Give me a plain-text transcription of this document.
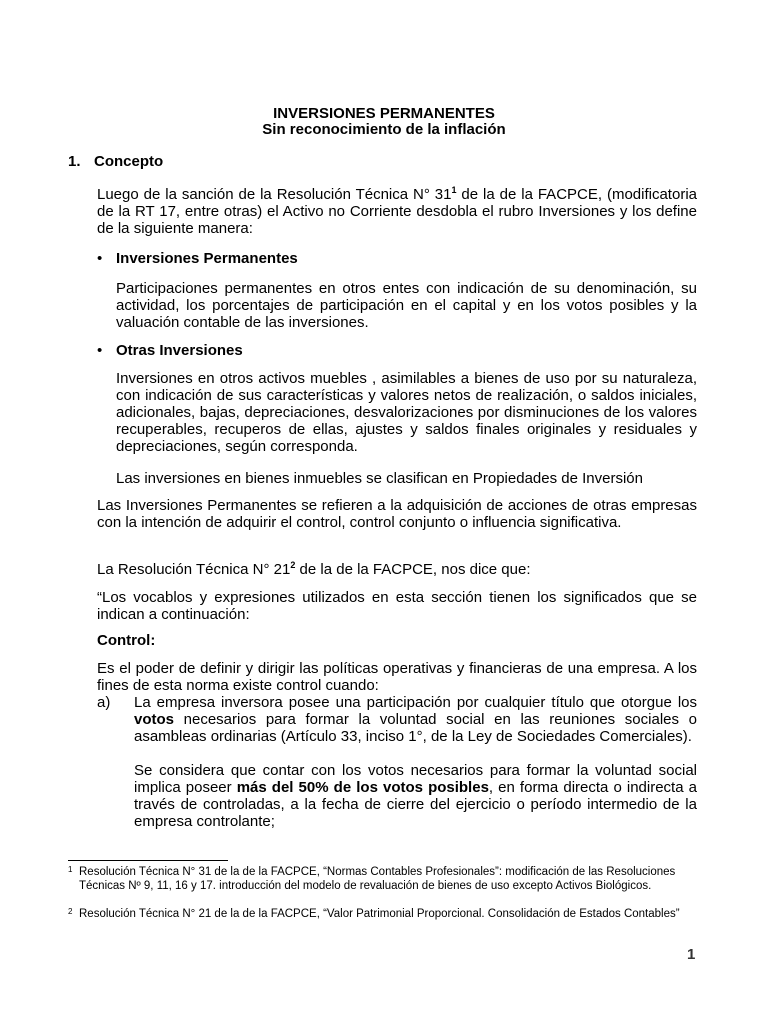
INVERSIONES PERMANENTES
Sin reconocimiento de la inflación
1. Concepto
Luego de la sanción de la Resolución Técnica N° $31^1$ de la de la FACPCE, (modificatoria de la RT 17, entre otras) el Activo no Corriente desdobla el rubro Inversiones y los define de la siguiente manera:
• Inversiones Permanentes
Participaciones permanentes en otros entes con indicación de su denominación, su actividad, los porcentajes de participación en el capital y en los votos posibles y la valuación contable de las inversiones.
• Otras Inversiones
Inversiones en otros activos muebles , asimilables a bienes de uso por su naturaleza, con indicación de sus características y valores netos de realización, o saldos iniciales, adicionales, bajas, depreciaciones, desvalorizaciones por disminuciones de los valores recuperables, recuperos de ellas, ajustes y saldos finales originales y residuales y depreciaciones, según corresponda.
Las inversiones en bienes inmuebles se clasifican en Propiedades de Inversión
Las Inversiones Permanentes se refieren a la adquisición de acciones de otras empresas con la intención de adquirir el control, control conjunto o influencia significativa.
La Resolución Técnica N° $21^2$ de la de la FACPCE, nos dice que:
“Los vocablos y expresiones utilizados en esta sección tienen los significados que se indican a continuación:
Control:
Es el poder de definir y dirigir las políticas operativas y financieras de una empresa. A los fines de esta norma existe control cuando:
a) La empresa inversora posee una participación por cualquier título que otorgue los votos necesarios para formar la voluntad social en las reuniones sociales o asambleas ordinarias (Artículo 33, inciso 1°, de la Ley de Sociedades Comerciales).
Se considera que contar con los votos necesarios para formar la voluntad social implica poseer más del 50% de los votos posibles, en forma directa o indirecta a través de controladas, a la fecha de cierre del ejercicio o período intermedio de la empresa controlante;
1 Resolución Técnica N° 31 de la de la FACPCE, “Normas Contables Profesionales”: modificación de las Resoluciones Técnicas Nº 9, 11, 16 y 17. introducción del modelo de revaluación de bienes de uso excepto Activos Biológicos.
2 Resolución Técnica N° 21 de la de la FACPCE, “Valor Patrimonial Proporcional. Consolidación de Estados Contables”
1
